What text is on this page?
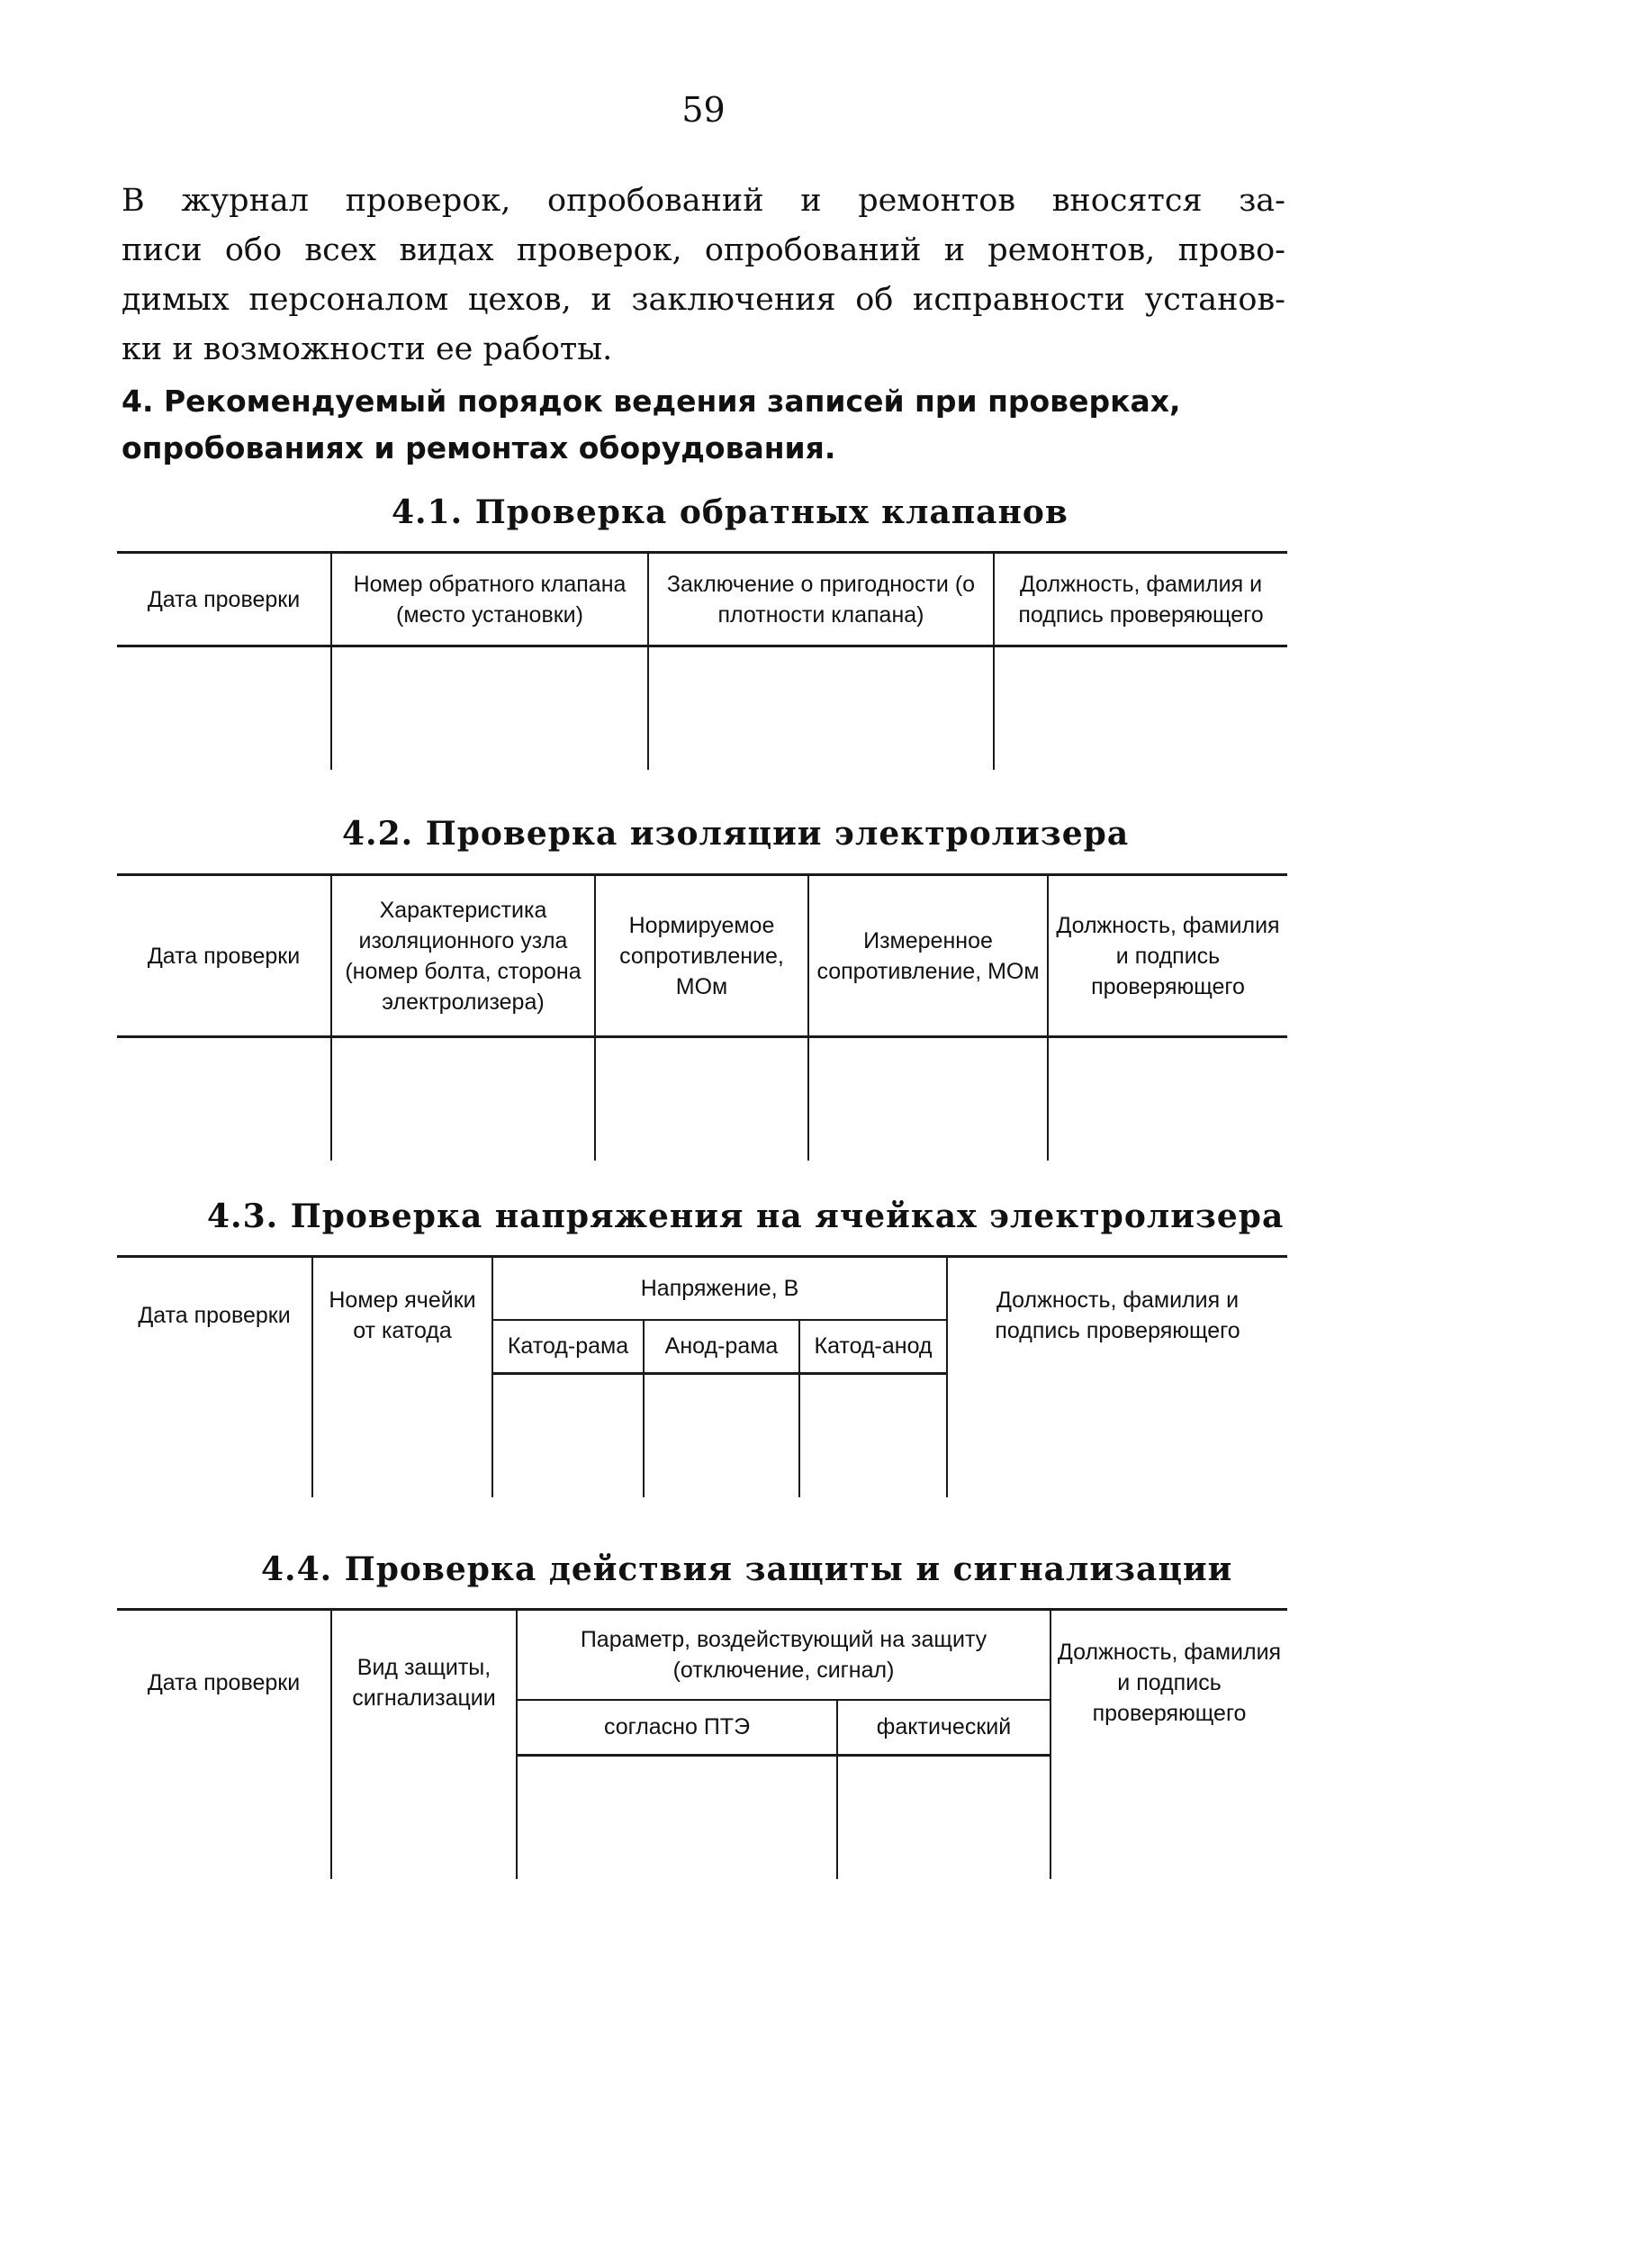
59

В журнал проверок, опробований и ремонтов вносятся за-
писи обо всех видах проверок, опробований и ремонтов, прово-
димых персоналом цехов, и заключения об исправности установ-
ки и возможности ее работы.

4. Рекомендуемый порядок ведения записей при проверках,
опробованиях и ремонтах оборудования.
4.1. Проверка обратных клапанов
Дата проверки	Номер обратного клапана (место установки)	Заключение о пригодности (о плотности клапана)	Должность, фамилия и подпись проверяющего

4.2. Проверка изоляции электролизера
Дата проверки	Характеристика изоляционного узла (номер болта, сторона электролизера)	Нормируемое сопротивление, МОм	Измеренное сопротивление, МОм	Должность, фамилия и подпись проверяющего

4.3. Проверка напряжения на ячейках электролизера
Дата проверки	Номер ячейки от катода	Напряжение, В			Должность, фамилия и подпись проверяющего
		Катод-рама	Анод-рама	Катод-анод	

4.4. Проверка действия защиты и сигнализации
Дата проверки	Вид защиты, сигнализации	Параметр, воздействующий на защиту (отключение, сигнал)		Должность, фамилия и подпись проверяющего
		согласно ПТЭ	фактический	
